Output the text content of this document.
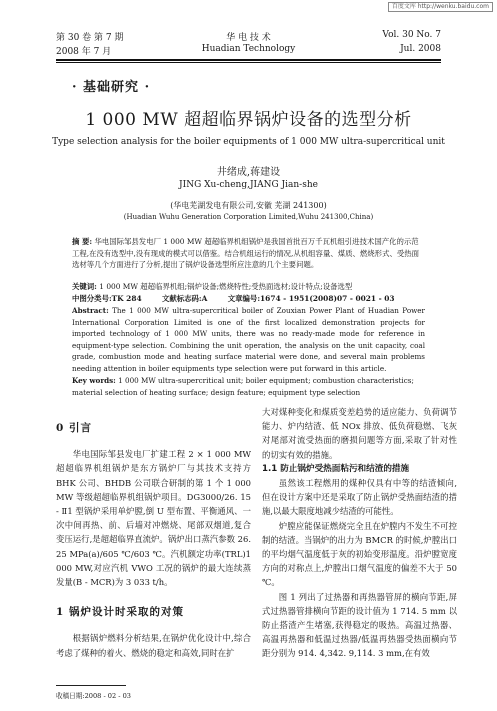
百度文库 http://wenku.baidu.com
第 30 卷 第 7 期	华 电 技 术	Vol. 30 No. 7
2008 年 7 月	Huadian Technology	Jul. 2008
· 基础研究 ·
1 000 MW 超超临界锅炉设备的选型分析
Type selection analysis for the boiler equipments of 1 000 MW ultra-supercritical unit
井绪成,蒋建设
JING Xu-cheng,JIANG Jian-she
(华电芜湖发电有限公司,安徽 芜湖 241300)
(Huadian Wuhu Generation Corporation Limited,Wuhu 241300,China)
摘 要: 华电国际邹县发电厂 1 000 MW 超超临界机组锅炉是我国首批百万千瓦机组引进技术国产化的示范工程,在没有选型中,没有现成的模式可以借鉴。结合机组运行的情况,从机组容量、煤质、燃烧形式、受热面选材等几个方面进行了分析,提出了锅炉设备选型所应注意的几个主要问题。
关键词: 1 000 MW 超超临界机组;锅炉设备;燃烧特性;受热面选材;设计特点;设备选型
中图分类号:TK 284	文献标志码:A	文章编号:1674 - 1951(2008)07 - 0021 - 03
Abstract: The 1 000 MW ultra-supercritical boiler of Zouxian Power Plant of Huadian Power International Corporation Limited is one of the first localized demonstration projects for imported technology of 1 000 MW units, there was no ready-made mode for reference in equipment-type selection. Combining the unit operation, the analysis on the unit capacity, coal grade, combustion mode and heating surface material were done, and several main problems needing attention in boiler equipments type selection were put forward in this article.
Key words: 1 000 MW ultra-supercritical unit; boiler equipment; combustion characteristics; material selection of heating surface; design feature; equipment type selection

0 引言

华电国际邹县发电厂扩建工程 2 × 1 000 MW 超超临界机组锅炉是东方锅炉厂与其技术支持方 BHK 公司、BHDB 公司联合研制的第 1 个 1 000 MW 等级超超临界机组锅炉项目。DG3000/26. 15 - Ⅱ1 型锅炉采用单炉膛,倒 U 型布置、平衡通风、一次中间再热、前、后墙对冲燃烧、尾部双烟道,复合变压运行,是超超临界直流炉。锅炉出口蒸汽参数 26. 25 MPa(a)/605 ℃/603 ℃。汽机额定功率(TRL)1 000 MW,对应汽机 VWO 工况的锅炉的最大连续蒸发量(B - MCR)为 3 033 t/h。

1 锅炉设计时采取的对策

根据锅炉燃料分析结果,在锅炉优化设计中,综合考虑了煤种的着火、燃烧的稳定和高效,同时在扩

大对煤种变化和煤质变差趋势的适应能力、负荷调节能力、炉内结渣、低 NOx 排放、低负荷稳燃、飞灰对尾部对流受热面的磨损问题等方面,采取了针对性的切实有效的措施。

1.1 防止锅炉受热面粘污和结渣的措施

虽然该工程燃用的煤种仅具有中等的结渣倾向,但在设计方案中还是采取了防止锅炉受热面结渣的措施,以最大限度地减少结渣的可能性。

炉膛应能保证燃烧完全且在炉膛内不发生不可控制的结渣。当锅炉的出力为 BMCR 的时候,炉膛出口的平均烟气温度低于灰的初始变形温度。沿炉膛宽度方向的对称点上,炉膛出口烟气温度的偏差不大于 50 ℃。

图 1 列出了过热器和再热器管屏的横向节距,屏式过热器管排横向节距的设计值为 1 714. 5 mm 以防止搭渣产生堵塞,获得稳定的吸热。高温过热器、高温再热器和低温过热器/低温再热器受热面横向节距分别为 914. 4,342. 9,114. 3 mm,在有效

收稿日期:2008 - 02 - 03
